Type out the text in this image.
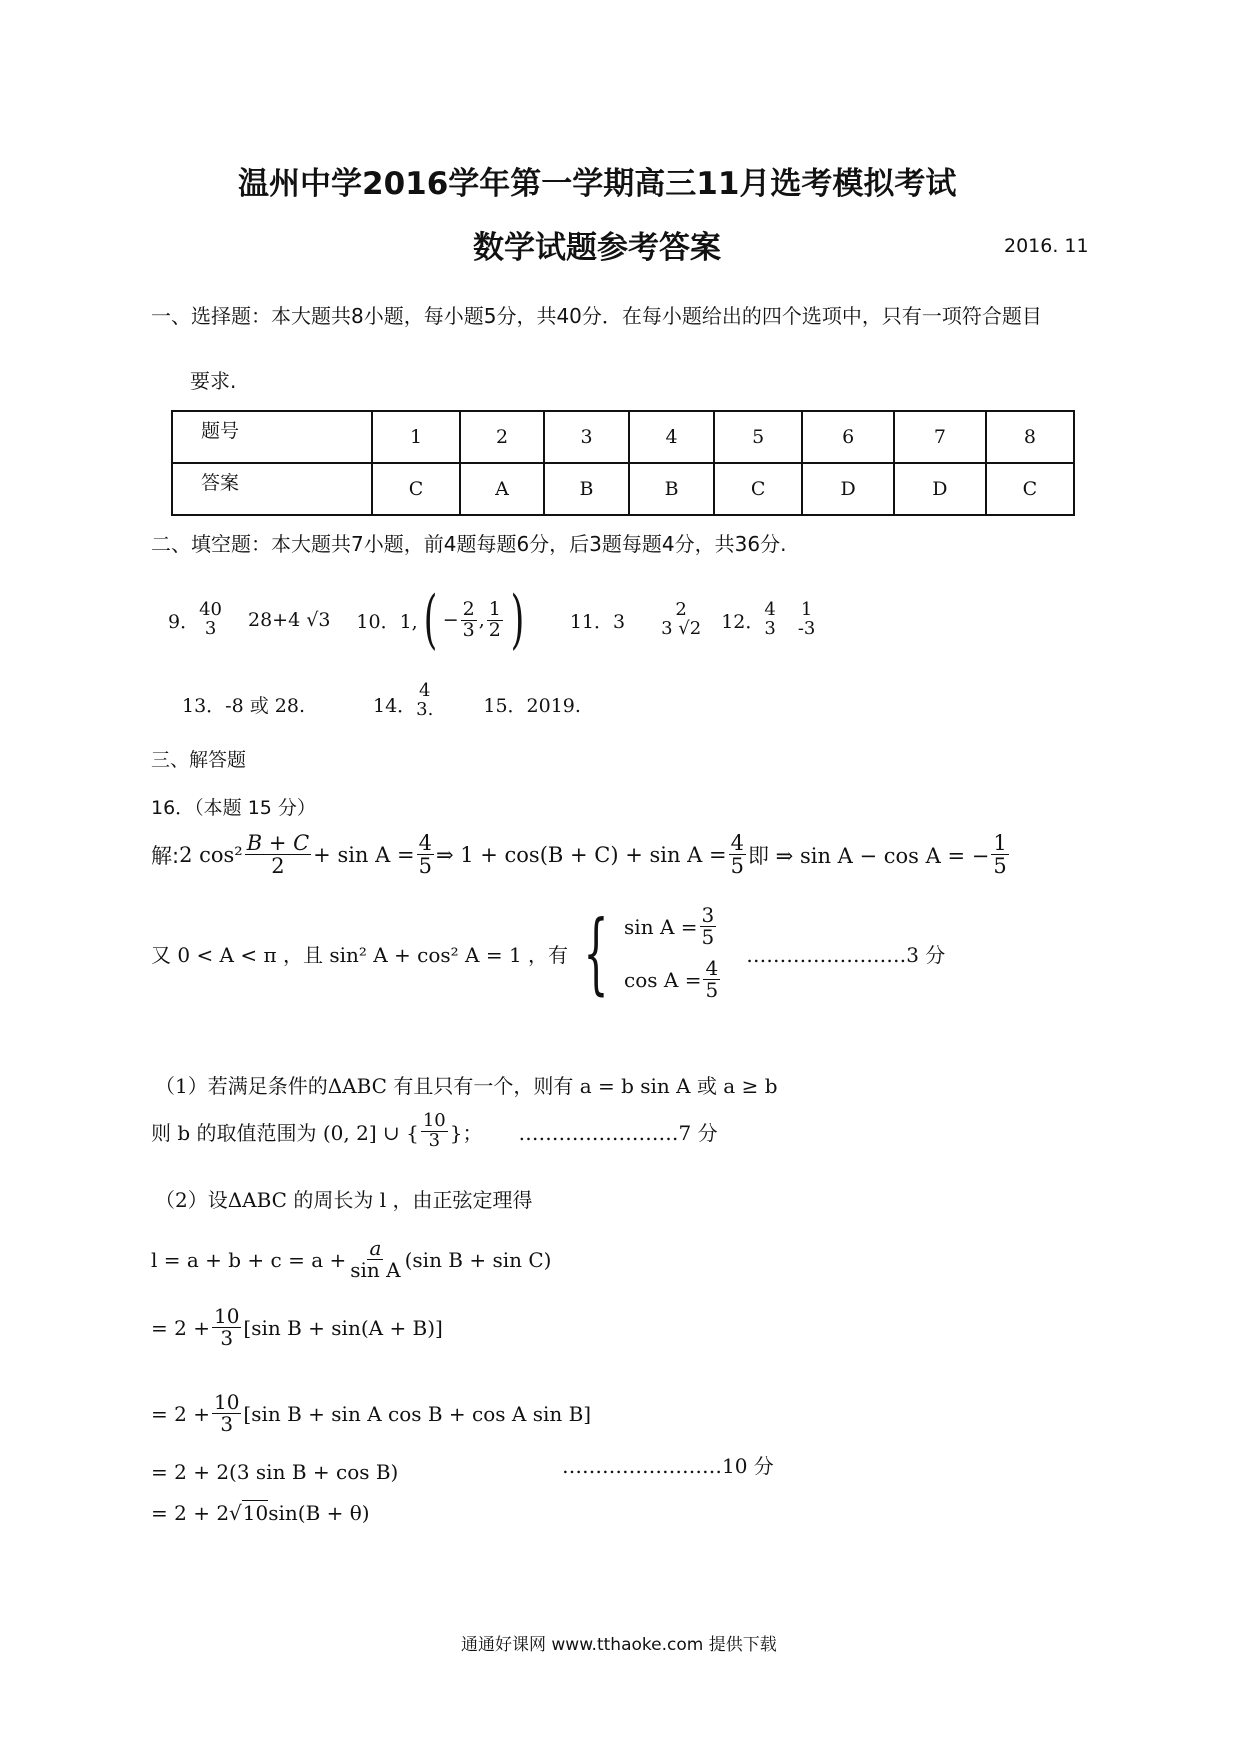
温州中学2016学年第一学期高三11月选考模拟考试
数学试题参考答案	2016. 11
一、选择题：本大题共8小题，每小题5分，共40分．在每小题给出的四个选项中，只有一项符合题目
要求.
题号	1	2	3	4	5	6	7	8
答案	C	A	B	B	C	D	D	C
二、填空题：本大题共7小题，前4题每题6分，后3题每题4分，共36分.
9．
40
3 28+4 √3 10．1, ( − $\frac{2}{3}$ , $\frac{1}{2}$ ) 11．3
2
3 √2 12．
4
3
1
-3
13．-8 或 28.	14．
4
3.	15．2019.
三、解答题
16．（本题 15 分）
解: 2 $\cos^2 \frac{B + C}{2} + \sin A = \frac{4}{5}$ ⇒ $1 + \cos(B + C) + \sin A = \frac{4}{5}$ 即 ⇒ sin A − cos A = − $\frac{1}{5}$
又 0 < A < π ，且 sin² A + cos² A = 1 ，有 { $\sin A = \frac{3}{5}$
$\cos A = \frac{4}{5}$
……………………3 分
（1）若满足条件的ΔABC 有且只有一个，则有 a = b sin A 或 a ≥ b
则 b 的取值范围为 (0, 2] ∪ { $\frac{10}{3}$ }； ……………………7 分
（2）设ΔABC 的周长为 l ，由正弦定理得
$l = a + b + c = a + \frac{a}{\text{sin A}} (\sin$ B + sin C)
= $2 + \frac{10}{3} [\sin$ B + sin(A + B)]
= $2 + \frac{10}{3} [\sin$ B + sin A cos B + cos A sin B]
= 2 + 2(3 sin B + cos B)	……………………10 分
= 2 + 2 √ 10 sin(B + θ)
通通好课网 www.tthaoke.com 提供下载
